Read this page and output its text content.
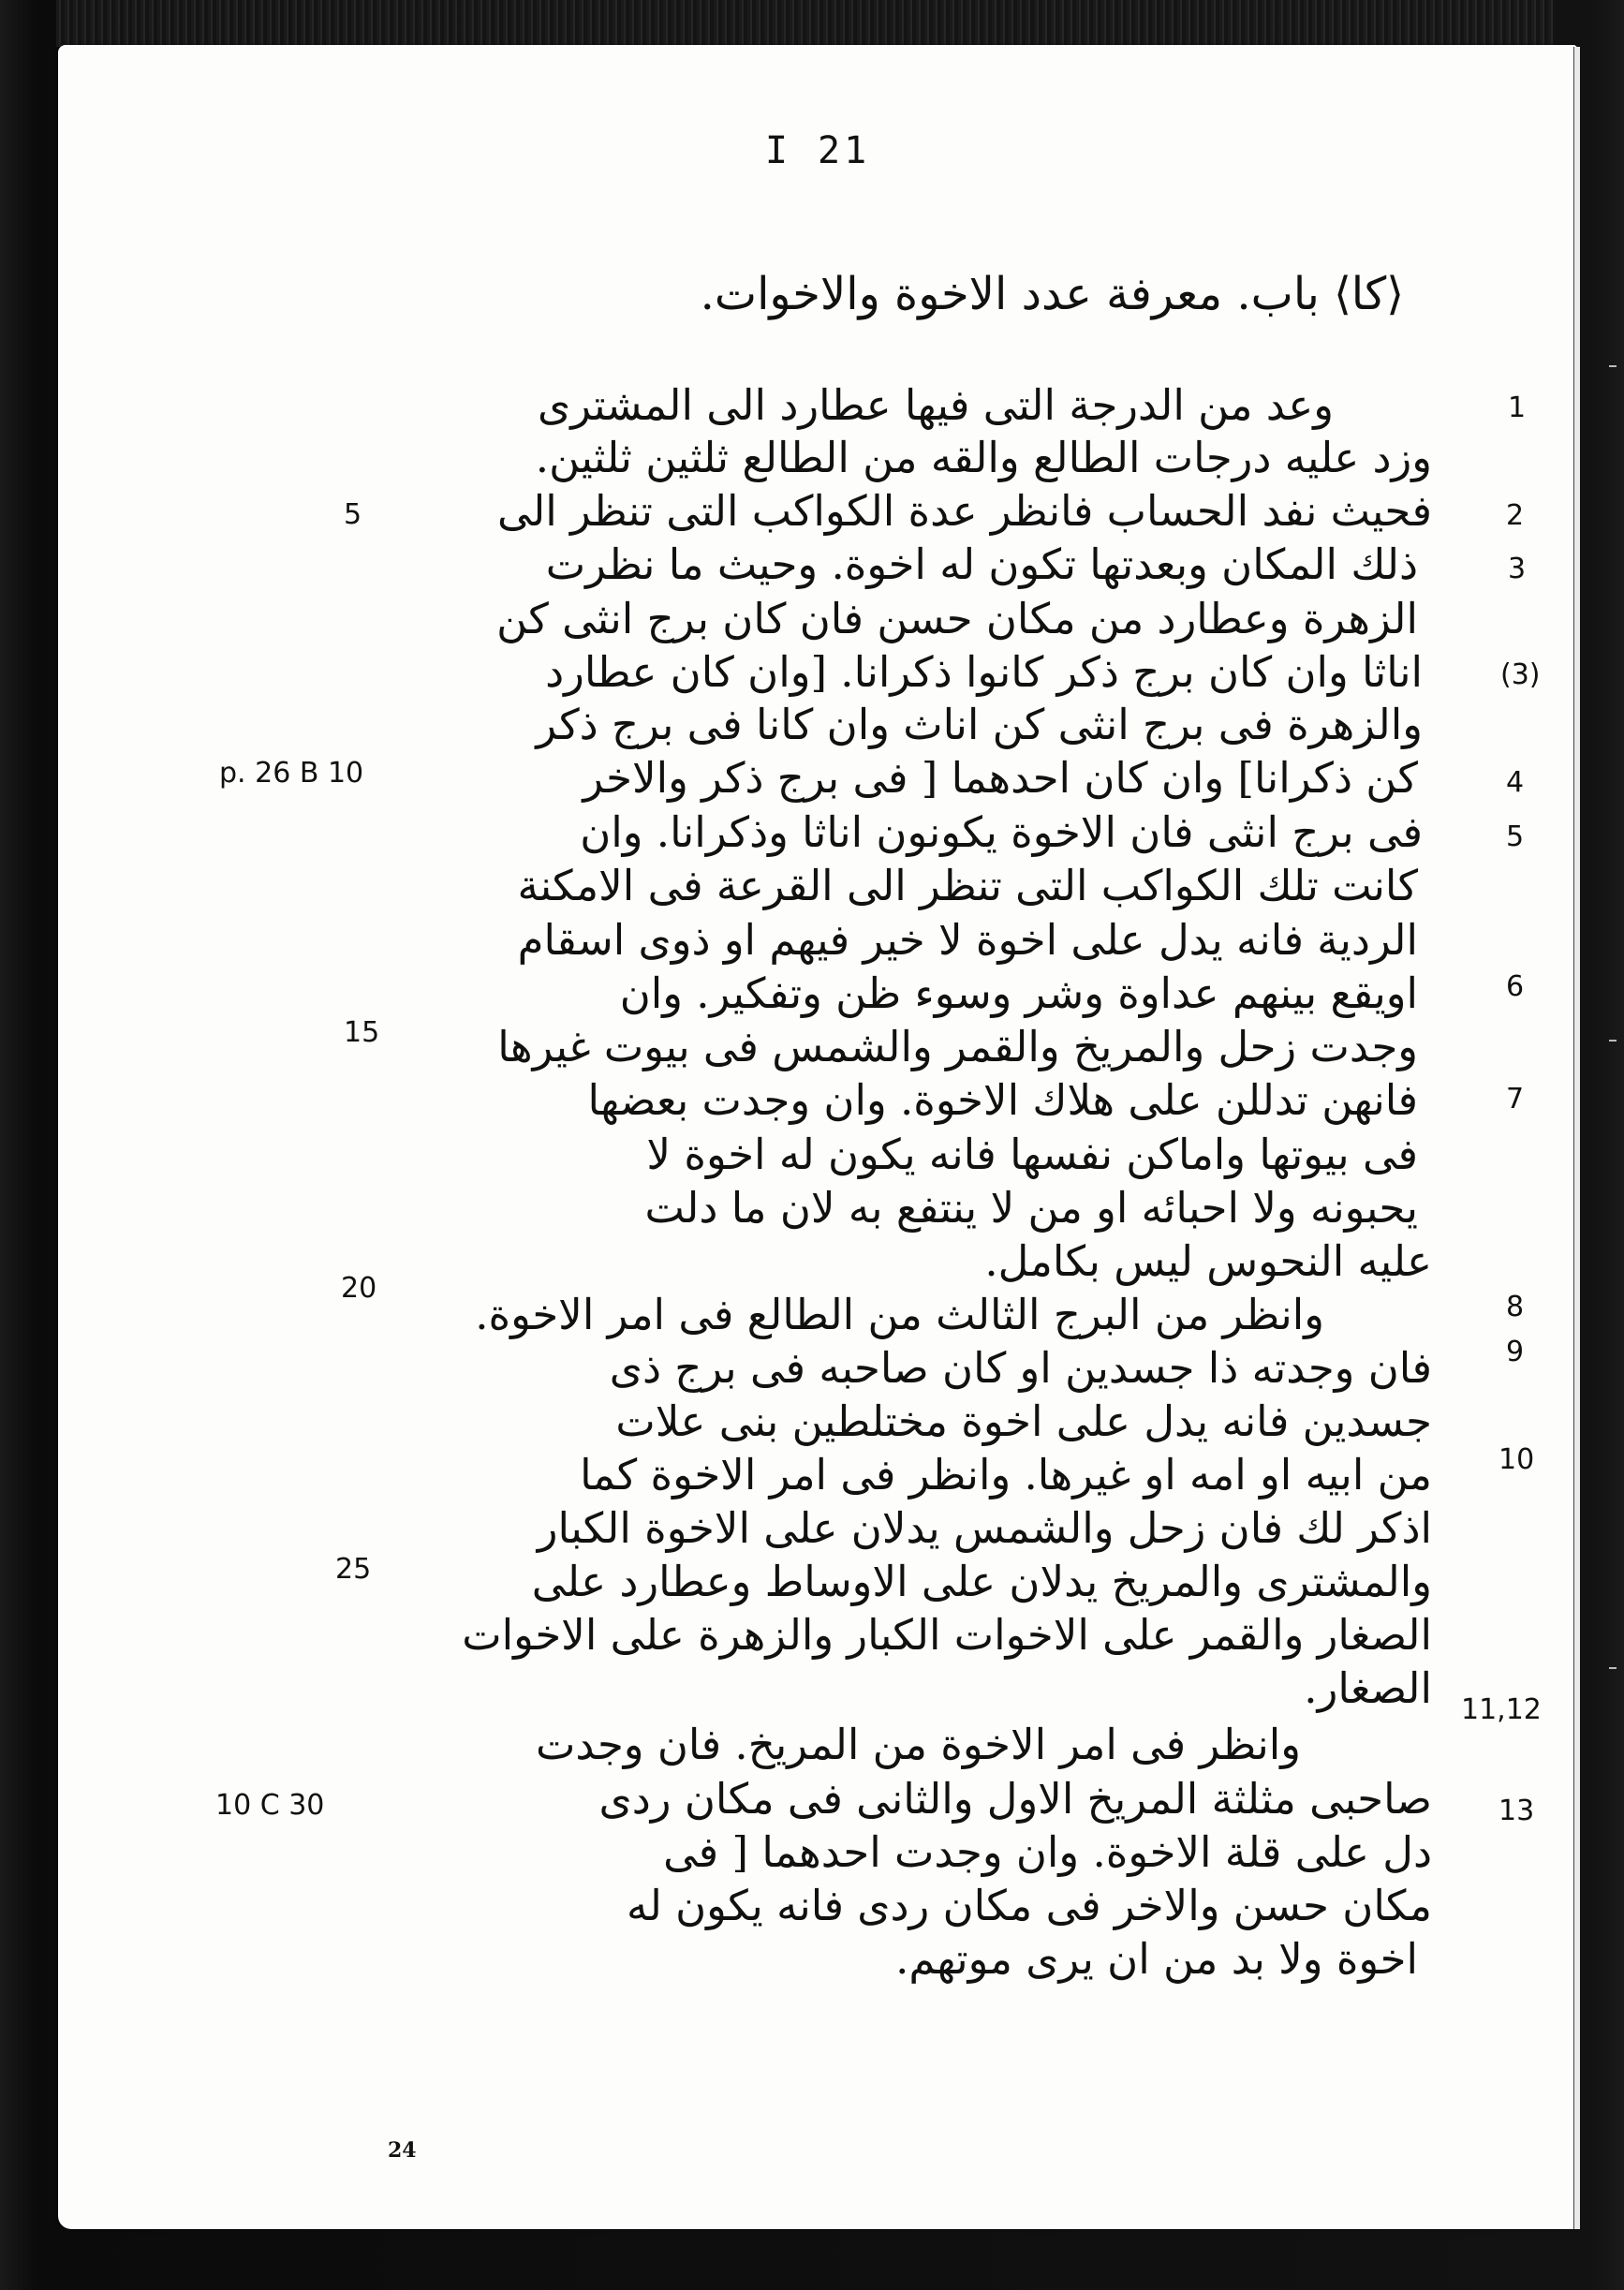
I 21
⟨كا⟩ باب. معرفة عدد الاخوة والاخوات.
وعد من الدرجة التى فيها عطارد الى المشترى
وزد عليه درجات الطالع والقه من الطالع ثلثين ثلثين.
فحيث نفد الحساب فانظر عدة الكواكب التى تنظر الى
ذلك المكان وبعدتها تكون له اخوة. وحيث ما نظرت
الزهرة وعطارد من مكان حسن فان كان برج انثى كن
اناثا وان كان برج ذكر كانوا ذكرانا. [وان كان عطارد
والزهرة فى برج انثى كن اناث وان كانا فى برج ذكر
كن ذكرانا] وان كان احدهما [ فى برج ذكر والاخر
فى برج انثى فان الاخوة يكونون اناثا وذكرانا. وان
كانت تلك الكواكب التى تنظر الى القرعة فى الامكنة
الردية فانه يدل على اخوة لا خير فيهم او ذوى اسقام
اويقع بينهم عداوة وشر وسوء ظن وتفكير. وان
وجدت زحل والمريخ والقمر والشمس فى بيوت غيرها
فانهن تدللن على هلاك الاخوة. وان وجدت بعضها
فى بيوتها واماكن نفسها فانه يكون له اخوة لا
يحبونه ولا احبائه او من لا ينتفع به لان ما دلت
عليه النحوس ليس بكامل.
وانظر من البرج الثالث من الطالع فى امر الاخوة.
فان وجدته ذا جسدين او كان صاحبه فى برج ذى
جسدين فانه يدل على اخوة مختلطين بنى علات
من ابيه او امه او غيرها. وانظر فى امر الاخوة كما
اذكر لك فان زحل والشمس يدلان على الاخوة الكبار
والمشترى والمريخ يدلان على الاوساط وعطارد على
الصغار والقمر على الاخوات الكبار والزهرة على الاخوات
الصغار.
وانظر فى امر الاخوة من المريخ. فان وجدت
صاحبى مثلثة المريخ الاول والثانى فى مكان ردى
دل على قلة الاخوة. وان وجدت احدهما [ فى
مكان حسن والاخر فى مكان ردى فانه يكون له
اخوة ولا بد من ان يرى موتهم.
1
2
3
(3)
4
5
6
7
8
9
10
11,12
13
p. 26 B 10
5
15
20
25
10 C 30
24
